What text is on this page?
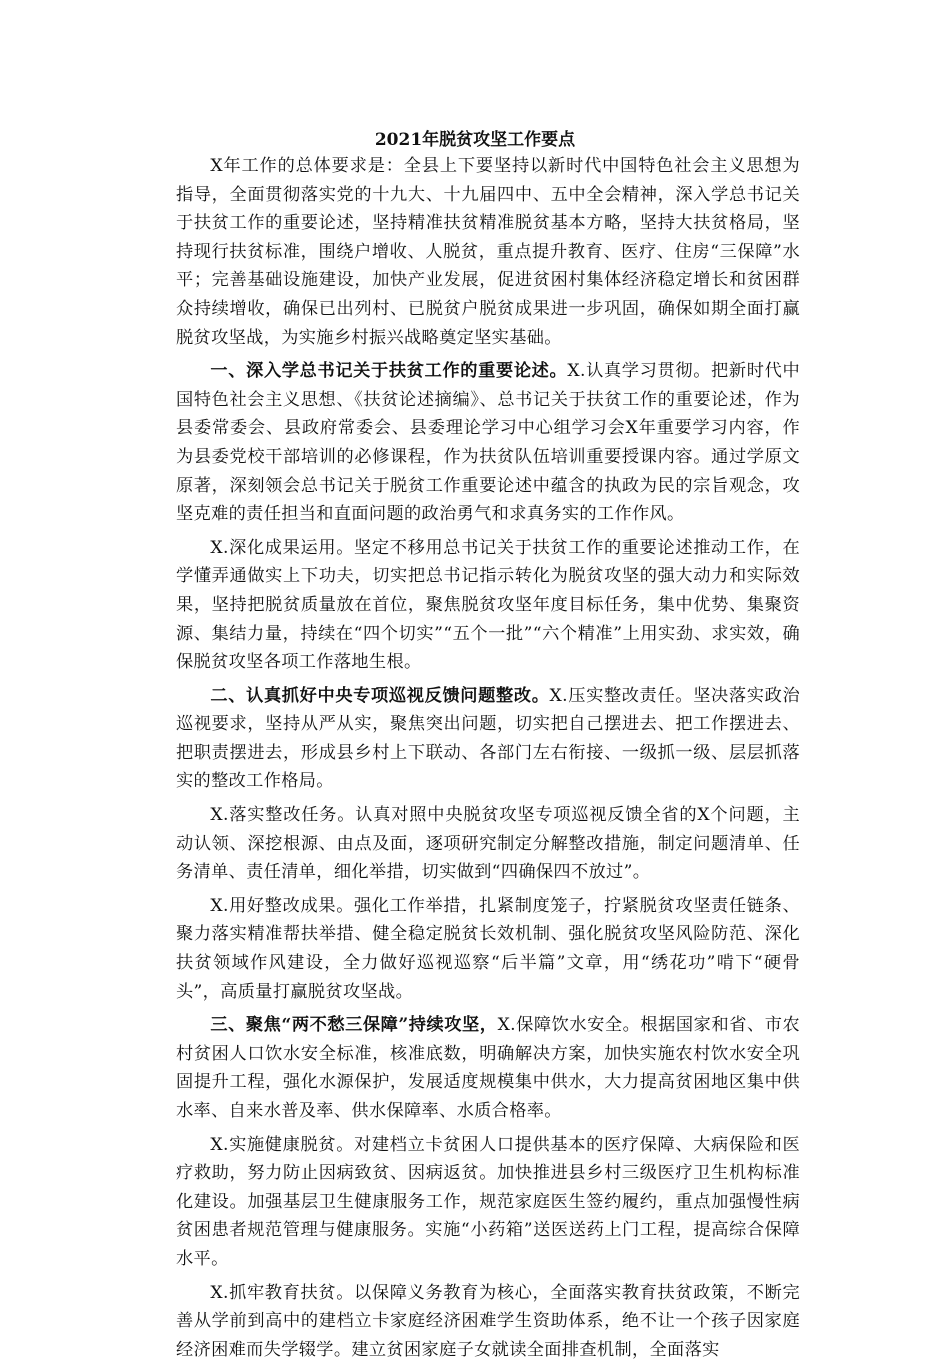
2021年脱贫攻坚工作要点

X年工作的总体要求是：全县上下要坚持以新时代中国特色社会主义思想为指导，全面贯彻落实党的十九大、十九届四中、五中全会精神，深入学总书记关于扶贫工作的重要论述，坚持精准扶贫精准脱贫基本方略，坚持大扶贫格局，坚持现行扶贫标准，围绕户增收、人脱贫，重点提升教育、医疗、住房“三保障”水平；完善基础设施建设，加快产业发展，促进贫困村集体经济稳定增长和贫困群众持续增收，确保已出列村、已脱贫户脱贫成果进一步巩固，确保如期全面打赢脱贫攻坚战，为实施乡村振兴战略奠定坚实基础。

一、深入学总书记关于扶贫工作的重要论述。X.认真学习贯彻。把新时代中国特色社会主义思想、《扶贫论述摘编》、总书记关于扶贫工作的重要论述，作为县委常委会、县政府常委会、县委理论学习中心组学习会X年重要学习内容，作为县委党校干部培训的必修课程，作为扶贫队伍培训重要授课内容。通过学原文原著，深刻领会总书记关于脱贫工作重要论述中蕴含的执政为民的宗旨观念，攻坚克难的责任担当和直面问题的政治勇气和求真务实的工作作风。

X.深化成果运用。坚定不移用总书记关于扶贫工作的重要论述推动工作，在学懂弄通做实上下功夫，切实把总书记指示转化为脱贫攻坚的强大动力和实际效果，坚持把脱贫质量放在首位，聚焦脱贫攻坚年度目标任务，集中优势、集聚资源、集结力量，持续在“四个切实”“五个一批”“六个精准”上用实劲、求实效，确保脱贫攻坚各项工作落地生根。

二、认真抓好中央专项巡视反馈问题整改。X.压实整改责任。坚决落实政治巡视要求，坚持从严从实，聚焦突出问题，切实把自己摆进去、把工作摆进去、把职责摆进去，形成县乡村上下联动、各部门左右衔接、一级抓一级、层层抓落实的整改工作格局。

X.落实整改任务。认真对照中央脱贫攻坚专项巡视反馈全省的X个问题，主动认领、深挖根源、由点及面，逐项研究制定分解整改措施，制定问题清单、任务清单、责任清单，细化举措，切实做到“四确保四不放过”。

X.用好整改成果。强化工作举措，扎紧制度笼子，拧紧脱贫攻坚责任链条、聚力落实精准帮扶举措、健全稳定脱贫长效机制、强化脱贫攻坚风险防范、深化扶贫领域作风建设，全力做好巡视巡察“后半篇”文章，用“绣花功”啃下“硬骨头”，高质量打赢脱贫攻坚战。

三、聚焦“两不愁三保障”持续攻坚，X.保障饮水安全。根据国家和省、市农村贫困人口饮水安全标准，核准底数，明确解决方案，加快实施农村饮水安全巩固提升工程，强化水源保护，发展适度规模集中供水，大力提高贫困地区集中供水率、自来水普及率、供水保障率、水质合格率。

X.实施健康脱贫。对建档立卡贫困人口提供基本的医疗保障、大病保险和医疗救助，努力防止因病致贫、因病返贫。加快推进县乡村三级医疗卫生机构标准化建设。加强基层卫生健康服务工作，规范家庭医生签约履约，重点加强慢性病贫困患者规范管理与健康服务。实施“小药箱”送医送药上门工程，提高综合保障水平。

X.抓牢教育扶贫。以保障义务教育为核心，全面落实教育扶贫政策，不断完善从学前到高中的建档立卡家庭经济困难学生资助体系，绝不让一个孩子因家庭经济困难而失学辍学。建立贫困家庭子女就读全面排查机制，全面落实
